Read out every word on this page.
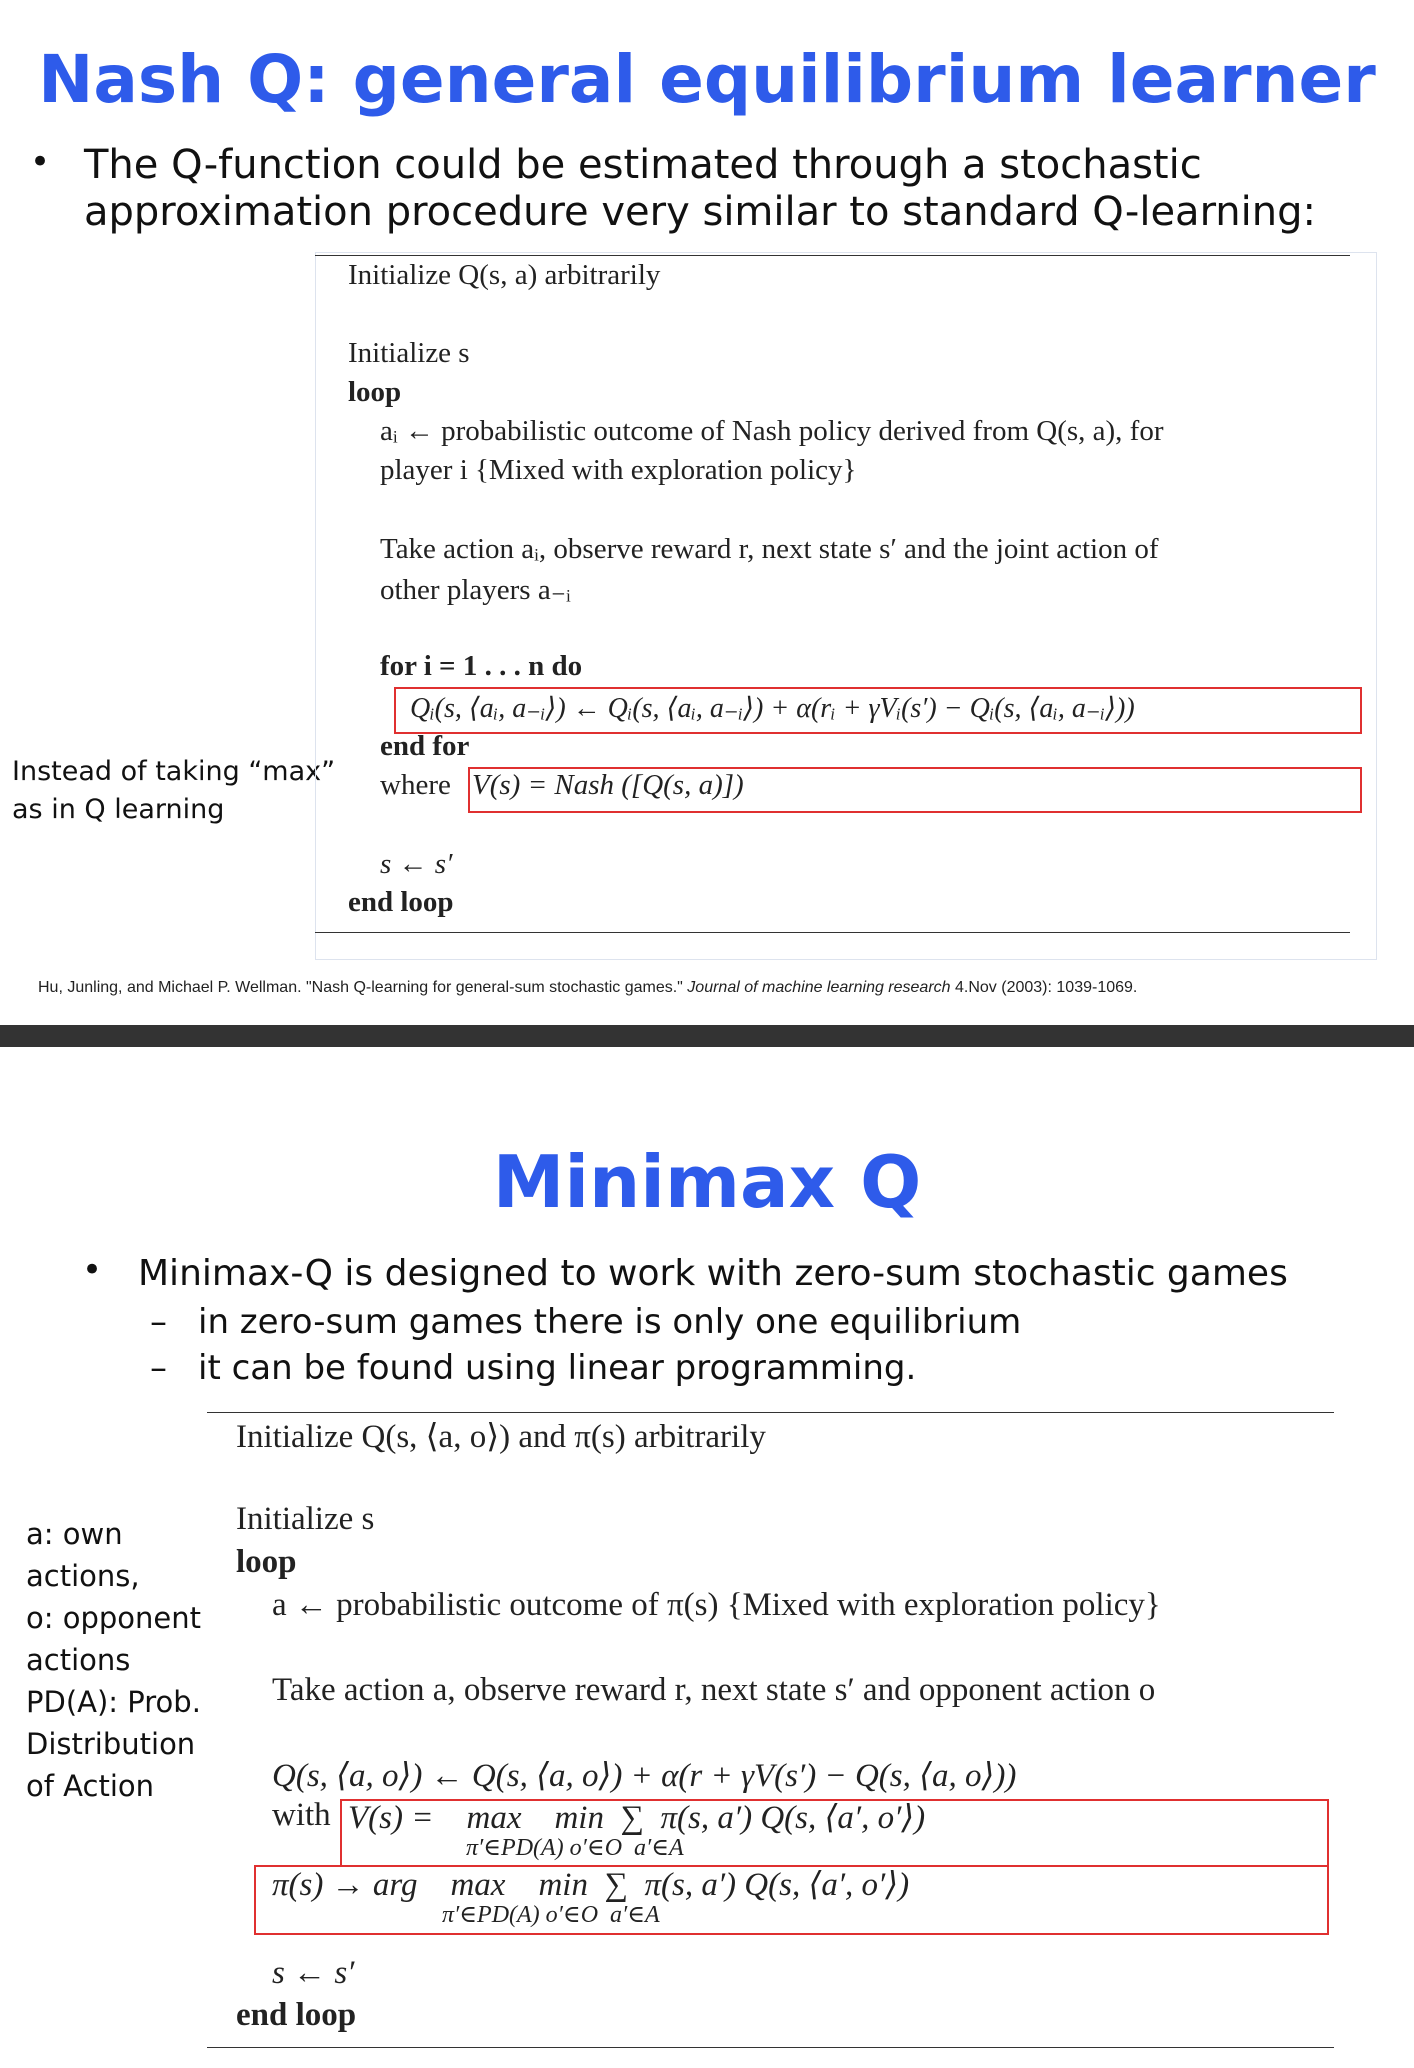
Nash Q: general equilibrium learner
• The Q-function could be estimated through a stochastic
approximation procedure very similar to standard Q-learning:
Instead of taking “max”
as in Q learning
Initialize Q(s, a) arbitrarily
Initialize s
loop
aᵢ ← probabilistic outcome of Nash policy derived from Q(s, a), for
player i {Mixed with exploration policy}
Take action aᵢ, observe reward r, next state s′ and the joint action of
other players a₋ᵢ
for i = 1 . . . n do
Qᵢ(s, ⟨aᵢ, a₋ᵢ⟩) ← Qᵢ(s, ⟨aᵢ, a₋ᵢ⟩) + α(rᵢ + γVᵢ(s′) − Qᵢ(s, ⟨aᵢ, a₋ᵢ⟩))
end for
where V(s) = Nash ([Q(s, a)])
s ← s′
end loop
Hu, Junling, and Michael P. Wellman. "Nash Q-learning for general-sum stochastic games." Journal of machine learning research 4.Nov (2003): 1039-1069.
Minimax Q
• Minimax-Q is designed to work with zero-sum stochastic games
– in zero-sum games there is only one equilibrium
– it can be found using linear programming.
a: own
actions,
o: opponent
actions
PD(A): Prob.
Distribution
of Action
Initialize Q(s, ⟨a, o⟩) and π(s) arbitrarily
Initialize s
loop
a ← probabilistic outcome of π(s) {Mixed with exploration policy}
Take action a, observe reward r, next state s′ and opponent action o
Q(s, ⟨a, o⟩) ← Q(s, ⟨a, o⟩) + α(r + γV(s′) − Q(s, ⟨a, o⟩))
with V(s) =    max    min  ∑  π(s, a′) Q(s, ⟨a′, o′⟩)
π′∈PD(A) o′∈O  a′∈A
π(s) → arg    max    min  ∑  π(s, a′) Q(s, ⟨a′, o′⟩)
π′∈PD(A) o′∈O  a′∈A
s ← s′
end loop
